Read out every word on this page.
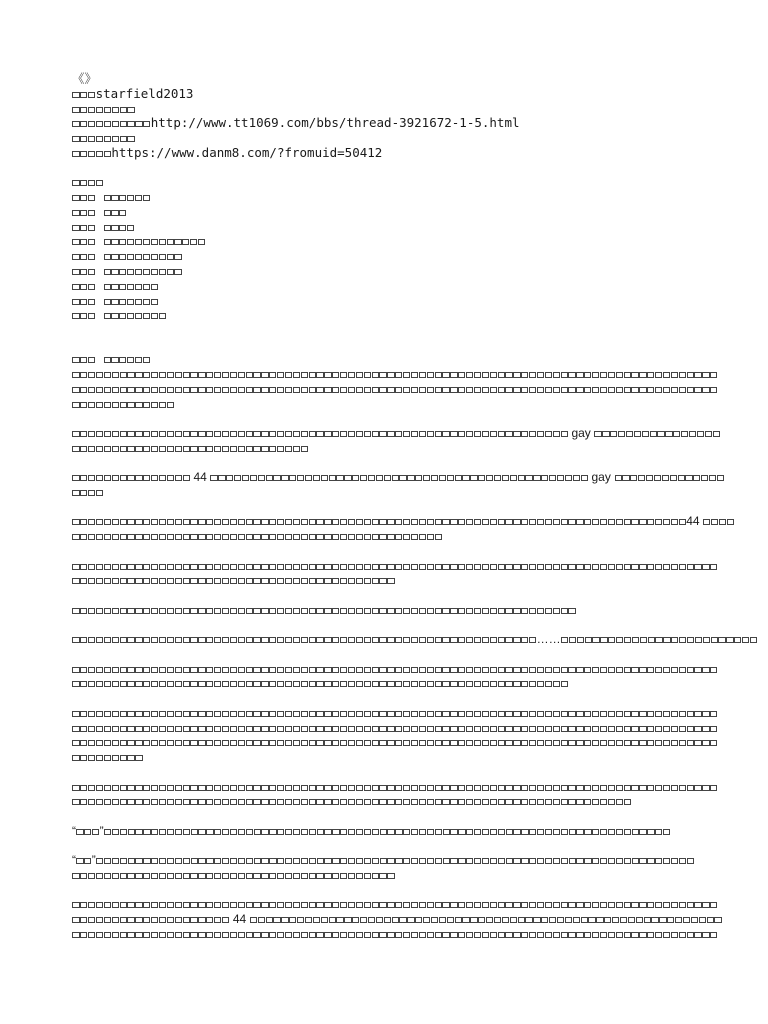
《》

starfield2013

http://www.tt1069.com/bbs/thread-3921672-1-5.html

https://www.danm8.com/?fromuid=50412

gay

44	gay

44

……

“ ”

“ ”

44
